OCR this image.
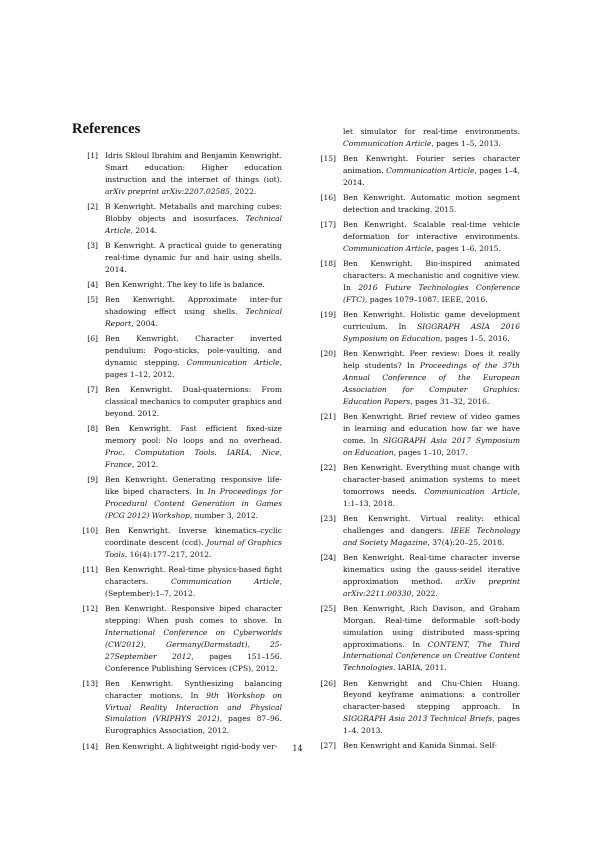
References
[1] Idris Skloul Ibrahim and Benjamin Kenwright. Smart education: Higher education instruction and the internet of things (iot). arXiv preprint arXiv:2207.02585, 2022.
[2] B Kenwright. Metaballs and marching cubes: Blobby objects and isosurfaces. Technical Article, 2014.
[3] B Kenwright. A practical guide to generating real-time dynamic fur and hair using shells. 2014.
[4] Ben Kenwright. The key to life is balance.
[5] Ben Kenwright. Approximate inter-fur shadowing effect using shells. Technical Report, 2004.
[6] Ben Kenwright. Character inverted pendulum: Pogo-sticks, pole-vaulting, and dynamic stepping. Communication Article, pages 1–12, 2012.
[7] Ben Kenwright. Dual-quaternions: From classical mechanics to computer graphics and beyond. 2012.
[8] Ben Kenwright. Fast efficient fixed-size memory pool: No loops and no overhead. Proc. Computation Tools. IARIA, Nice, France, 2012.
[9] Ben Kenwright. Generating responsive life-like biped characters. In In Proceedings for Procedural Content Generation in Games (PCG 2012) Workshop, number 3, 2012.
[10] Ben Kenwright. Inverse kinematics–cyclic coordinate descent (ccd). Journal of Graphics Tools, 16(4):177–217, 2012.
[11] Ben Kenwright. Real-time physics-based fight characters. Communication Article, (September):1–7, 2012.
[12] Ben Kenwright. Responsive biped character stepping: When push comes to shove. In International Conference on Cyberworlds (CW2012), Germany(Darmstadt), 25-27September 2012, pages 151–156. Conference Publishing Services (CPS), 2012.
[13] Ben Kenwright. Synthesizing balancing character motions. In 9th Workshop on Virtual Reality Interaction and Physical Simulation (VRIPHYS 2012), pages 87–96. Eurographics Association, 2012.
[14] Ben Kenwright. A lightweight rigid-body ver-
let simulator for real-time environments. Communication Article, pages 1–5, 2013.
[15] Ben Kenwright. Fourier series character animation. Communication Article, pages 1–4, 2014.
[16] Ben Kenwright. Automatic motion segment detection and tracking. 2015.
[17] Ben Kenwright. Scalable real-time vehicle deformation for interactive environments. Communication Article, pages 1–6, 2015.
[18] Ben Kenwright. Bio-inspired animated characters: A mechanistic and cognitive view. In 2016 Future Technologies Conference (FTC), pages 1079–1087. IEEE, 2016.
[19] Ben Kenwright. Holistic game development curriculum. In SIGGRAPH ASIA 2016 Symposium on Education, pages 1–5, 2016.
[20] Ben Kenwright. Peer review: Does it really help students? In Proceedings of the 37th Annual Conference of the European Association for Computer Graphics: Education Papers, pages 31–32, 2016.
[21] Ben Kenwright. Brief review of video games in learning and education how far we have come. In SIGGRAPH Asia 2017 Symposium on Education, pages 1–10, 2017.
[22] Ben Kenwright. Everything must change with character-based animation systems to meet tomorrows needs. Communication Article, 1:1–13, 2018.
[23] Ben Kenwright. Virtual reality: ethical challenges and dangers. IEEE Technology and Society Magazine, 37(4):20–25, 2018.
[24] Ben Kenwright. Real-time character inverse kinematics using the gauss-seidel iterative approximation method. arXiv preprint arXiv:2211.00330, 2022.
[25] Ben Kenwright, Rich Davison, and Graham Morgan. Real-time deformable soft-body simulation using distributed mass-spring approximations. In CONTENT, The Third International Conference on Creative Content Technologies. IARIA, 2011.
[26] Ben Kenwright and Chu-Chien Huang. Beyond keyframe animations: a controller character-based stepping approach. In SIGGRAPH Asia 2013 Technical Briefs, pages 1–4. 2013.
[27] Ben Kenwright and Kanida Sinmai. Self-
14
